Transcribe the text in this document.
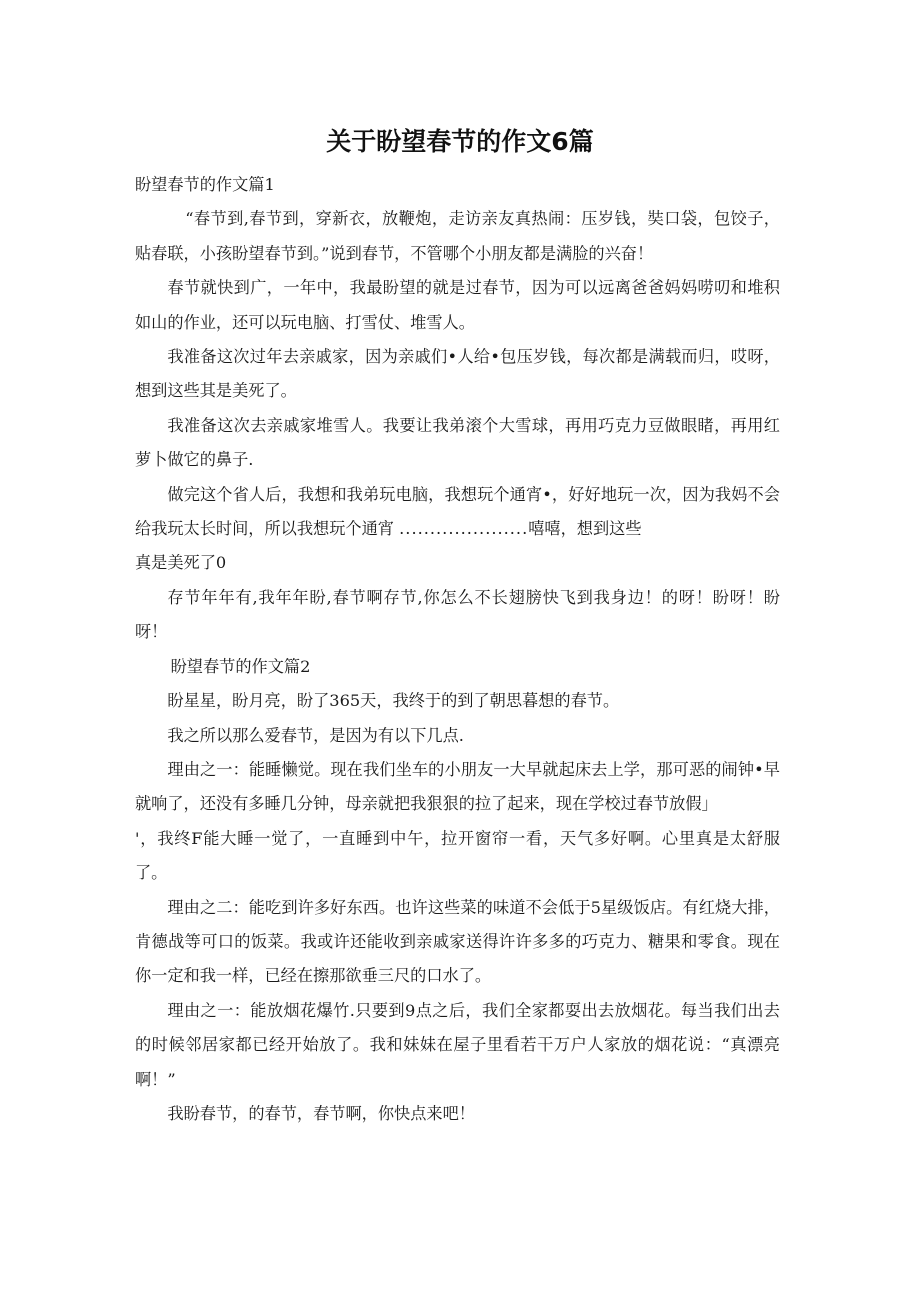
关于盼望春节的作文6篇

盼望春节的作文篇1

“春节到,春节到，穿新衣，放鞭炮，走访亲友真热闹：压岁钱，奘口袋，包饺子，贴春联，小孩盼望春节到。”说到春节，不管哪个小朋友都是满脸的兴奋！

春节就快到广，一年中，我最盼望的就是过春节，因为可以远离爸爸妈妈唠叨和堆积如山的作业，还可以玩电脑、打雪仗、堆雪人。

我准备这次过年去亲戚家，因为亲戚们•人给•包压岁钱，每次都是满载而归，哎呀，想到这些其是美死了。

我准备这次去亲戚家堆雪人。我要让我弟滚个大雪球，再用巧克力豆做眼睹，再用红萝卜做它的鼻子.

做完这个省人后，我想和我弟玩电脑，我想玩个通宵•，好好地玩一次，因为我妈不会给我玩太长时间，所以我想玩个通宵 .....................嘻嘻，想到这些

真是美死了0

存节年年有,我年年盼,春节啊存节,你怎么不长翅膀快飞到我身边！的呀！盼呀！盼呀！

盼望春节的作文篇2

盼星星，盼月亮，盼了365天，我终于的到了朝思暮想的春节。

我之所以那么爱春节，是因为有以下几点.

理由之一：能睡懒觉。现在我们坐车的小朋友一大早就起床去上学，那可恶的闹钟•早就响了，还没有多睡几分钟，母亲就把我狠狠的拉了起来，现在学校过春节放假」

'，我终F能大睡一觉了，一直睡到中午，拉开窗帘一看，天气多好啊。心里真是太舒服了。

理由之二：能吃到许多好东西。也许这些菜的味道不会低于5星级饭店。有红烧大排，肯德战等可口的饭菜。我或许还能收到亲戚家送得许许多多的巧克力、糖果和零食。现在你一定和我一样，已经在擦那欲垂三尺的口水了。

理由之一：能放烟花爆竹.只要到9点之后，我们全家都耍出去放烟花。每当我们出去的时候邻居家都已经开始放了。我和妹妹在屋子里看若干万户人家放的烟花说：“真漂亮啊！”

我盼春节，的春节，春节啊，你快点来吧！
